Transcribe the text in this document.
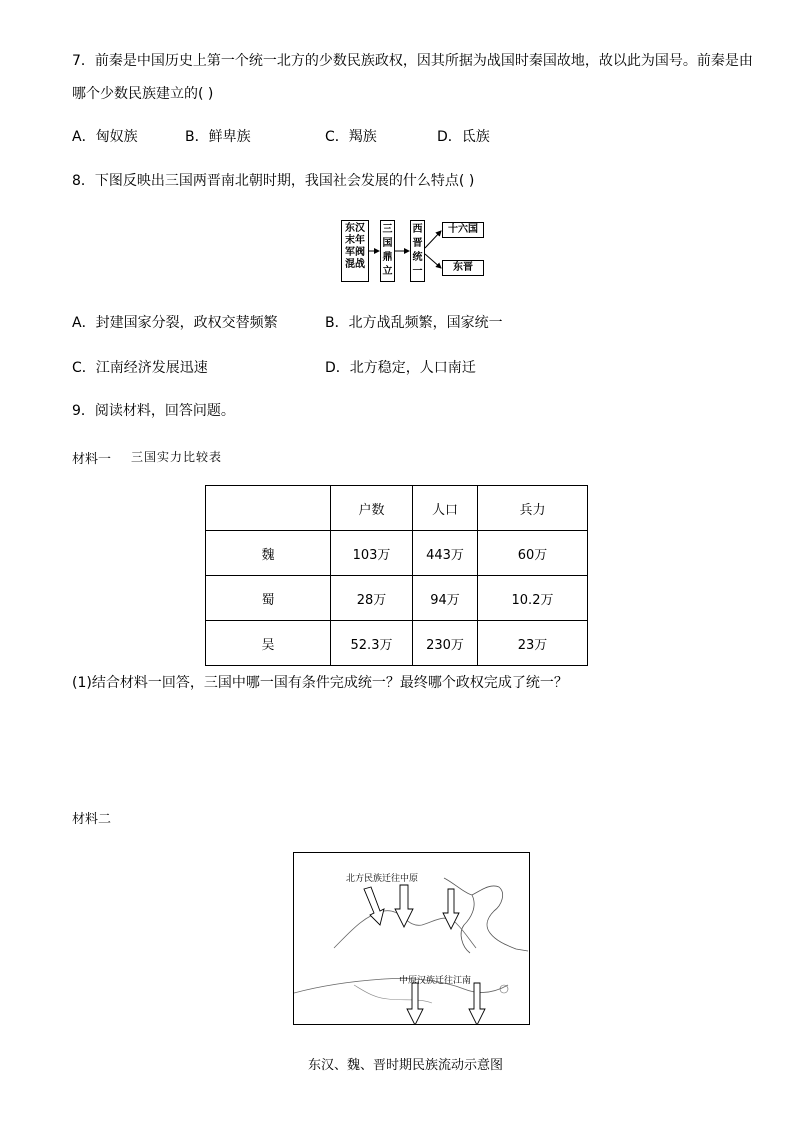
7．前秦是中国历史上第一个统一北方的少数民族政权，因其所据为战国时秦国故地，故以此为国号。前秦是由
哪个少数民族建立的( )
A．匈奴族	B．鲜卑族	C．羯族	D．氐族
8．下图反映出三国两晋南北朝时期，我国社会发展的什么特点( )
东汉
末年
军阀
混战
三
国
鼎
立
西
晋
统
一
十六国
东晋
A．封建国家分裂，政权交替频繁	B．北方战乱频繁，国家统一
C．江南经济发展迅速	D．北方稳定，人口南迁
9．阅读材料，回答问题。
材料一 三国实力比较表
	户数	人口	兵力
魏	103万	443万	60万
蜀	28万	94万	10.2万
吴	52.3万	230万	23万
(1)结合材料一回答，三国中哪一国有条件完成统一？最终哪个政权完成了统一？
材料二
北方民族迁往中原
中原汉族迁往江南
东汉、魏、晋时期民族流动示意图
